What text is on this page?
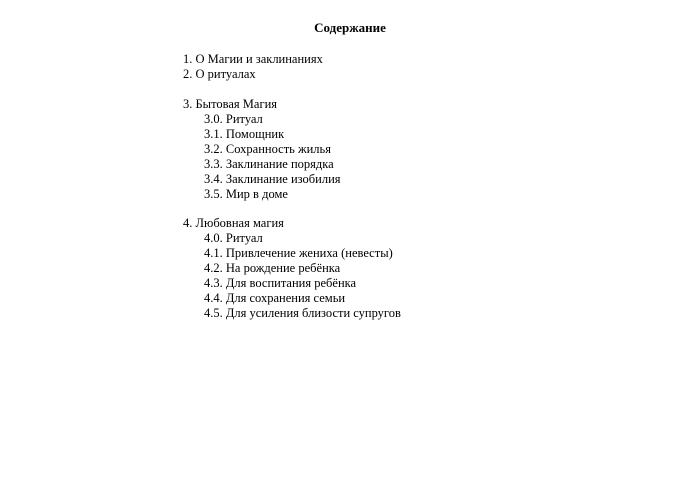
Содержание
1. О Магии и заклинаниях
2. О ритуалах
3. Бытовая Магия
3.0. Ритуал
3.1. Помощник
3.2. Сохранность жилья
3.3. Заклинание порядка
3.4. Заклинание изобилия
3.5. Мир в доме
4. Любовная магия
4.0. Ритуал
4.1. Привлечение жениха (невесты)
4.2. На рождение ребёнка
4.3. Для воспитания ребёнка
4.4. Для сохранения семьи
4.5. Для усиления близости супругов
